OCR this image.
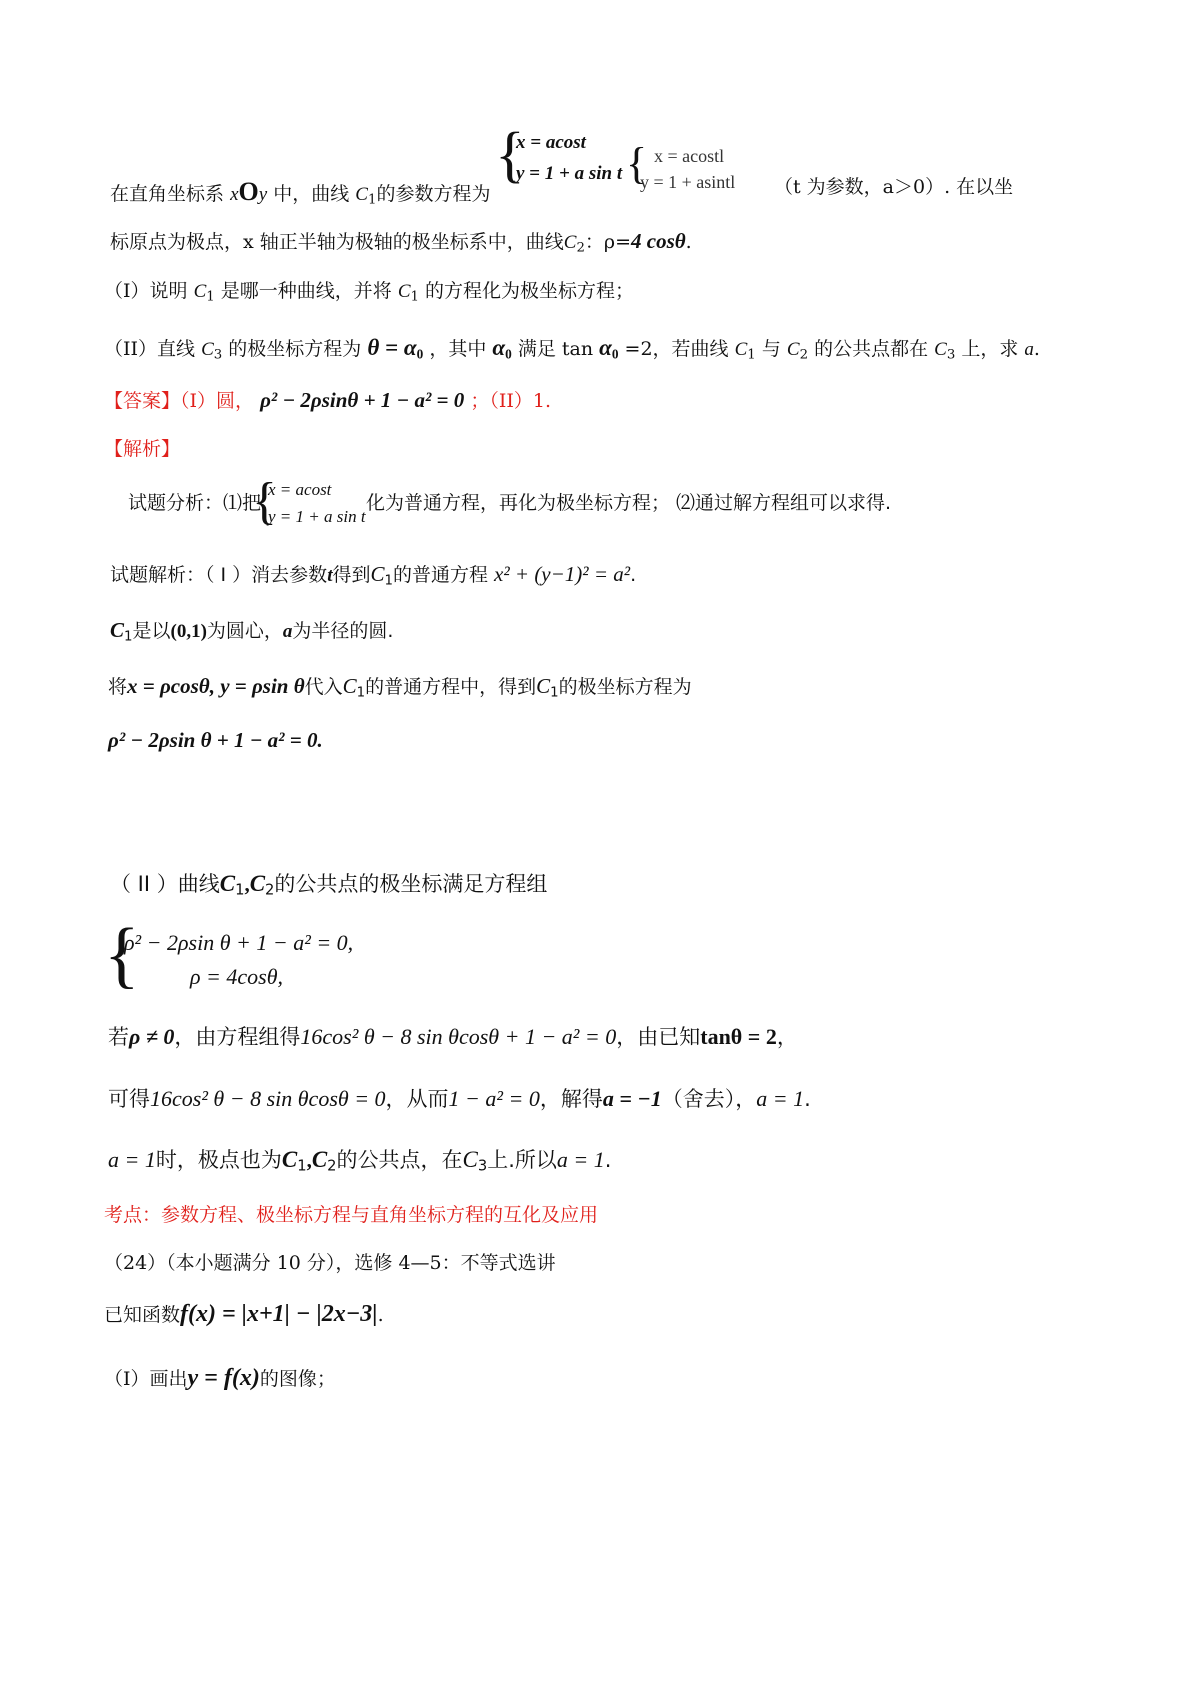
{
x = acost
y = 1 + a sin t { x = acostl
y = 1 + asintl
在直角坐标系 xOy 中，曲线 $C_1$的参数方程为	（t 为参数，a＞0）. 在以坐
标原点为极点，x 轴正半轴为极轴的极坐标系中，曲线$C_2$：ρ=4 cosθ.
（I）说明 $C_1$ 是哪一种曲线，并将 $C_1$ 的方程化为极坐标方程；
（II）直线 $C_3$ 的极坐标方程为 $\theta = \alpha_0$ ，其中 $\alpha_0$ 满足 $\tan \alpha_0 =2$，若曲线 $C_1$ 与 $C_2$ 的公共点都在 $C_3$ 上，求 a.
【答案】（I）圆， ρ² − 2ρsinθ + 1 − a² = 0 ；（II）1.
【解析】
试题分析：⑴把
{
x = acost
y = 1 + a sin t
化为普通方程，再化为极坐标方程； ⑵通过解方程组可以求得.
试题解析：（ I ）消去参数t得到$C_1$的普通方程 x² + (y−1)² = a².
$C_1$是以(0,1)为圆心，a为半径的圆.
将x = ρcosθ, y = ρsin θ代入$C_1$的普通方程中，得到$C_1$的极坐标方程为
ρ² − 2ρsin θ + 1 − a² = 0.
（ II ）曲线$C_1,C_2$的公共点的极坐标满足方程组
{
ρ² − 2ρsin θ + 1 − a² = 0,
ρ = 4cosθ,
若ρ ≠ 0，由方程组得16cos² θ − 8 sin θcosθ + 1 − a² = 0，由已知tanθ = 2，
可得16cos² θ − 8 sin θcosθ = 0，从而1 − a² = 0，解得a = −1（舍去），a = 1.
a = 1时，极点也为$C_1,C_2$的公共点，在$C_3$上.所以a = 1.
考点：参数方程、极坐标方程与直角坐标方程的互化及应用
（24）（本小题满分 10 分），选修 4—5：不等式选讲
已知函数f(x) = |x+1| − |2x−3|.
（I）画出y = f(x)的图像；
